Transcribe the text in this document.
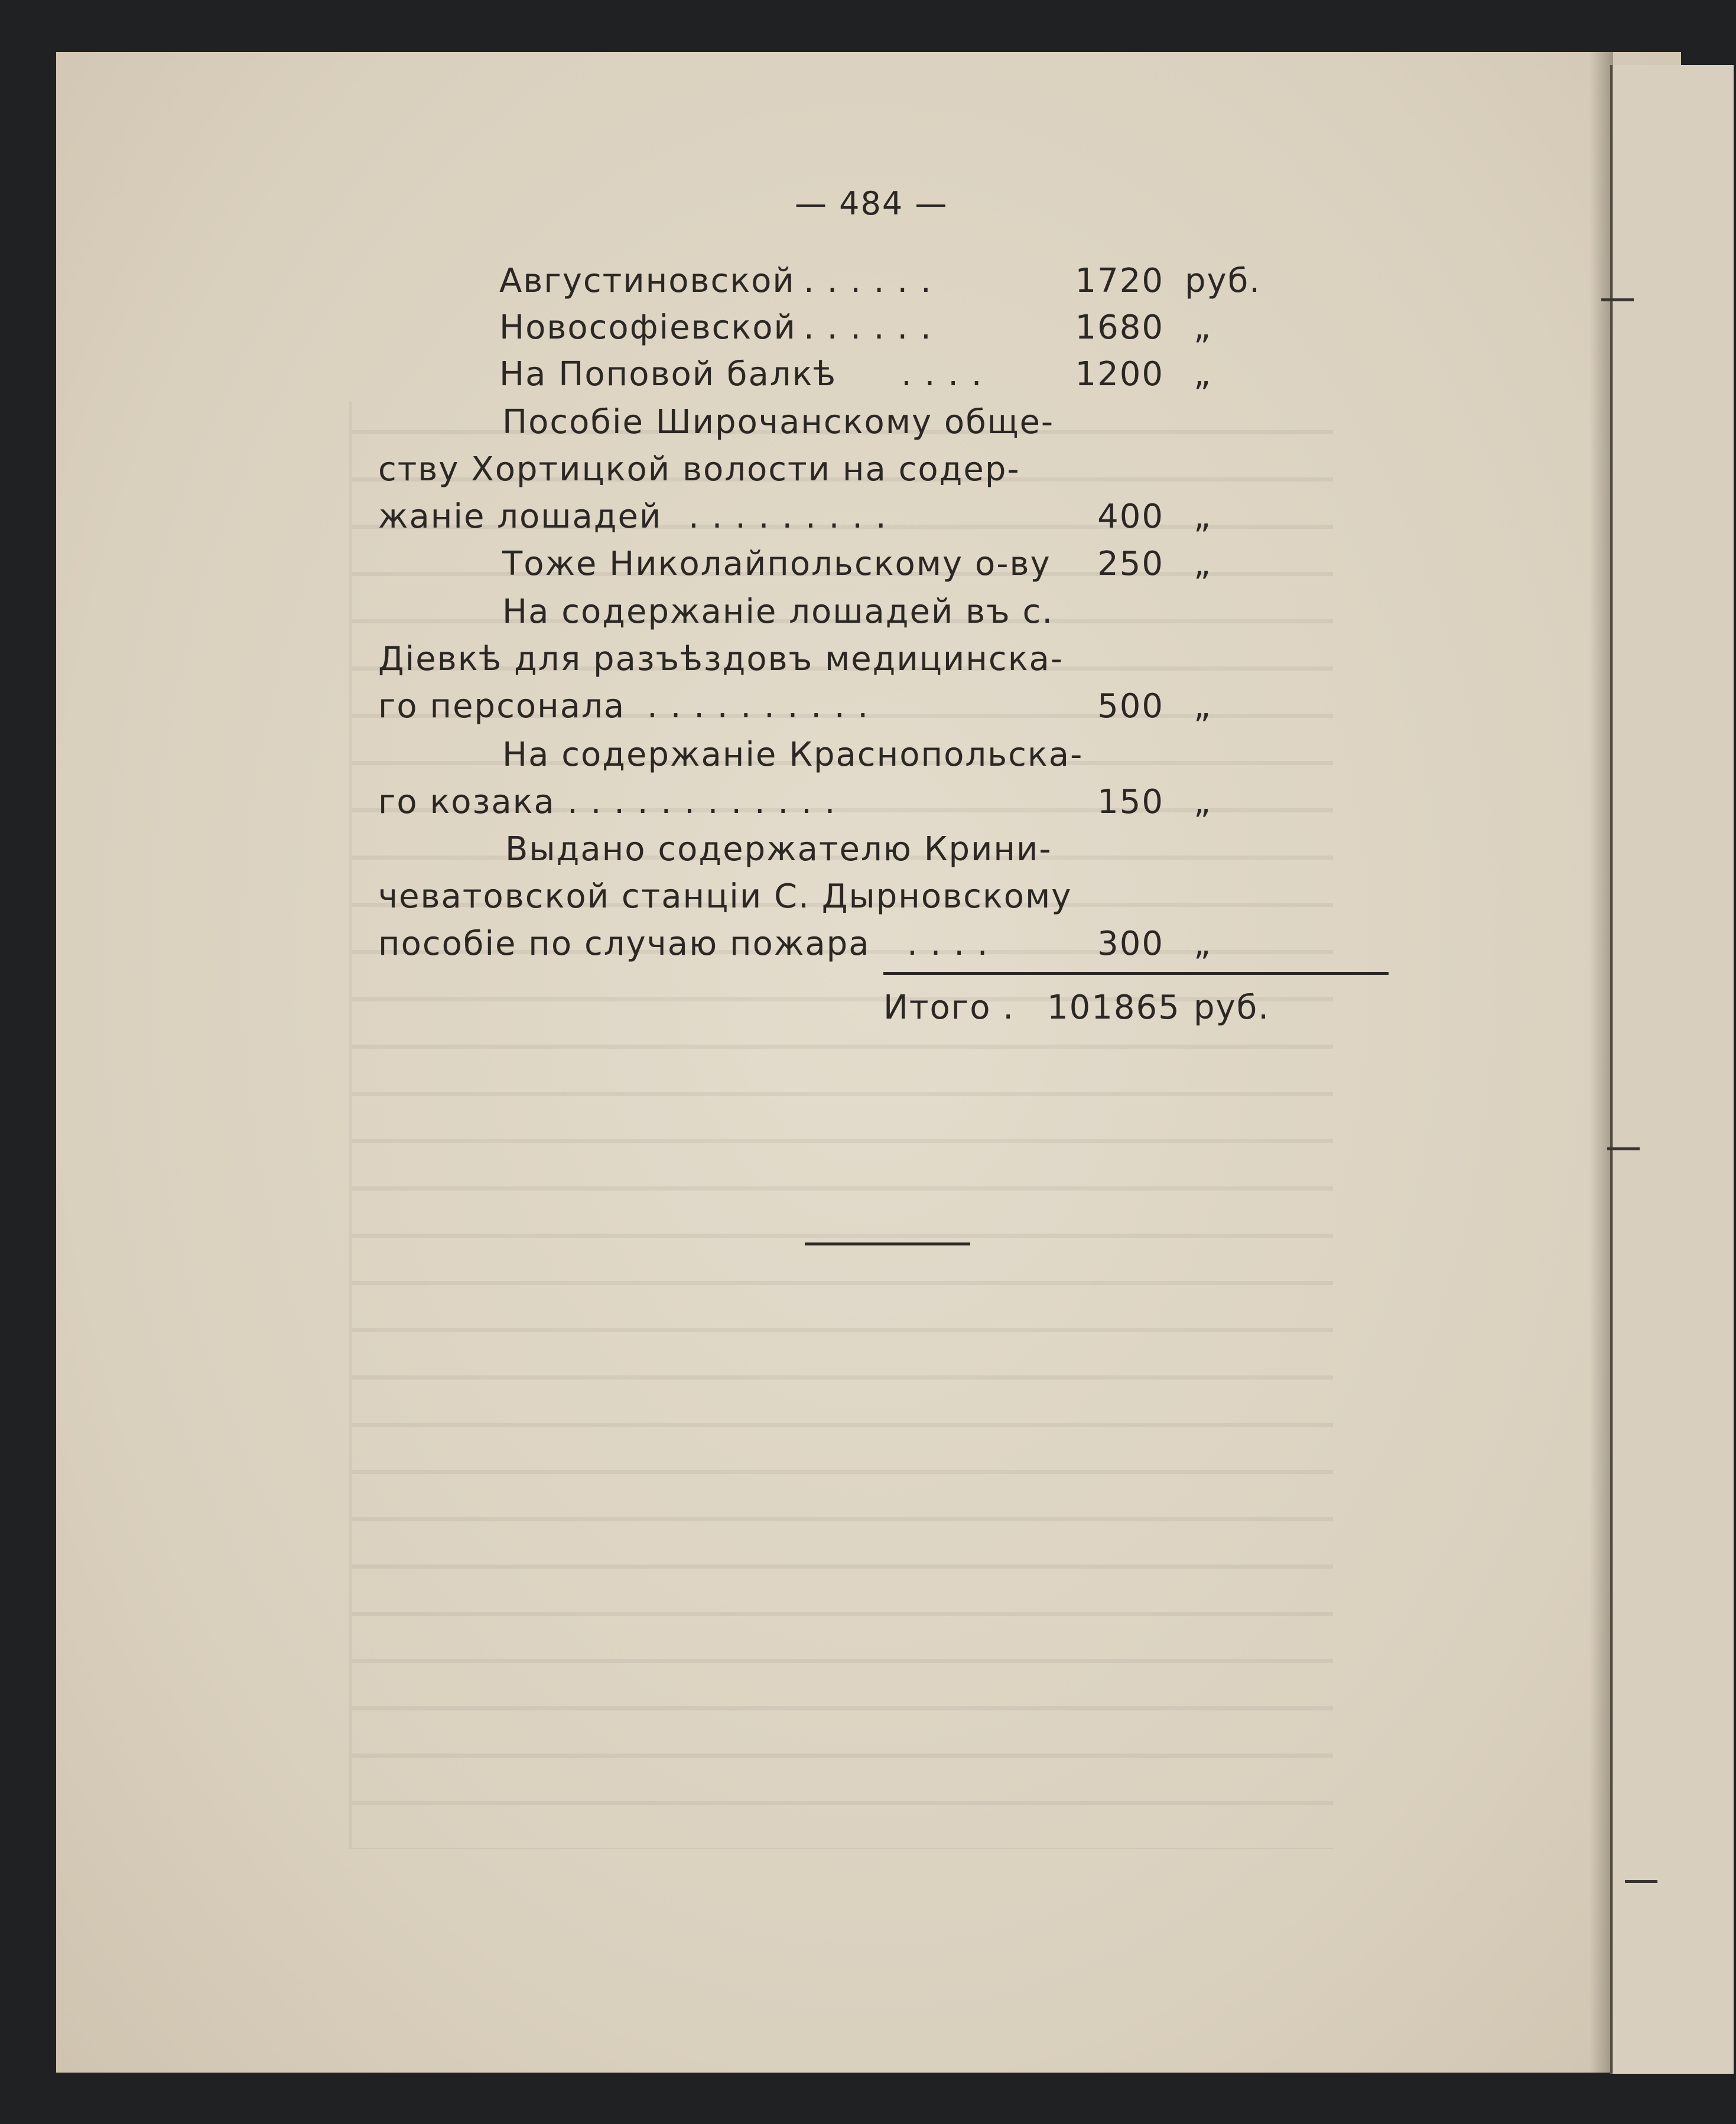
— 484 —
Августиновской . . . . . .	1720 руб.
Новософіевской . . . . . .	1680 „
На Поповой балкѣ . . . .	1200 „
Пособіе Широчанскому обще-
ству Хортицкой волости на содер-
жаніе лошадей . . . . . . . . .	400 „
Тоже Николайпольскому о-ву	250 „
На содержаніе лошадей въ с.
Діевкѣ для разъѣздовъ медицинска-
го персонала . . . . . . . . . .	500 „
На содержаніе Краснопольска-
го козака . . . . . . . . . . . .	150 „
Выдано содержателю Крини-
чеватовской станціи С. Дырновскому
пособіе по случаю пожара . . . .	300 „
Итого . 101865 руб.
